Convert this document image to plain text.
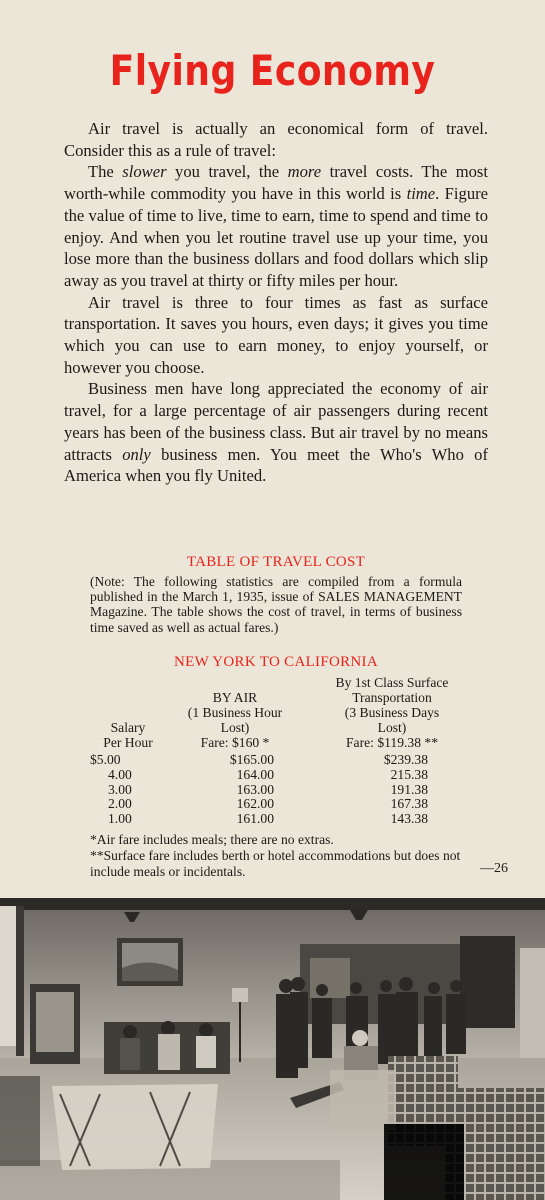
Flying Economy

Air travel is actually an economical form of travel. Consider this as a rule of travel:

The slower you travel, the more travel costs. The most worth-while commodity you have in this world is time. Figure the value of time to live, time to earn, time to spend and time to enjoy. And when you let routine travel use up your time, you lose more than the business dollars and food dollars which slip away as you travel at thirty or fifty miles per hour.

Air travel is three to four times as fast as surface transportation. It saves you hours, even days; it gives you time which you can use to earn money, to enjoy yourself, or however you choose.

Business men have long appreciated the economy of air travel, for a large percentage of air passengers during recent years has been of the business class. But air travel by no means attracts only business men. You meet the Who's Who of America when you fly United.

TABLE OF TRAVEL COST
(Note: The following statistics are compiled from a formula published in the March 1, 1935, issue of SALES MANAGEMENT Magazine. The table shows the cost of travel, in terms of business time saved as well as actual fares.)
NEW YORK TO CALIFORNIA
Salary
Per Hour
BY AIR
(1 Business Hour
Lost)
Fare: $160 *
By 1st Class Surface
Transportation
(3 Business Days
Lost)
Fare: $119.38 **
$5.00
4.00
3.00
2.00
1.00
$165.00
164.00
163.00
162.00
161.00
$239.38
215.38
191.38
167.38
143.38
*Air fare includes meals; there are no extras.
**Surface fare includes berth or hotel accommodations but does not include meals or incidentals.	—26
